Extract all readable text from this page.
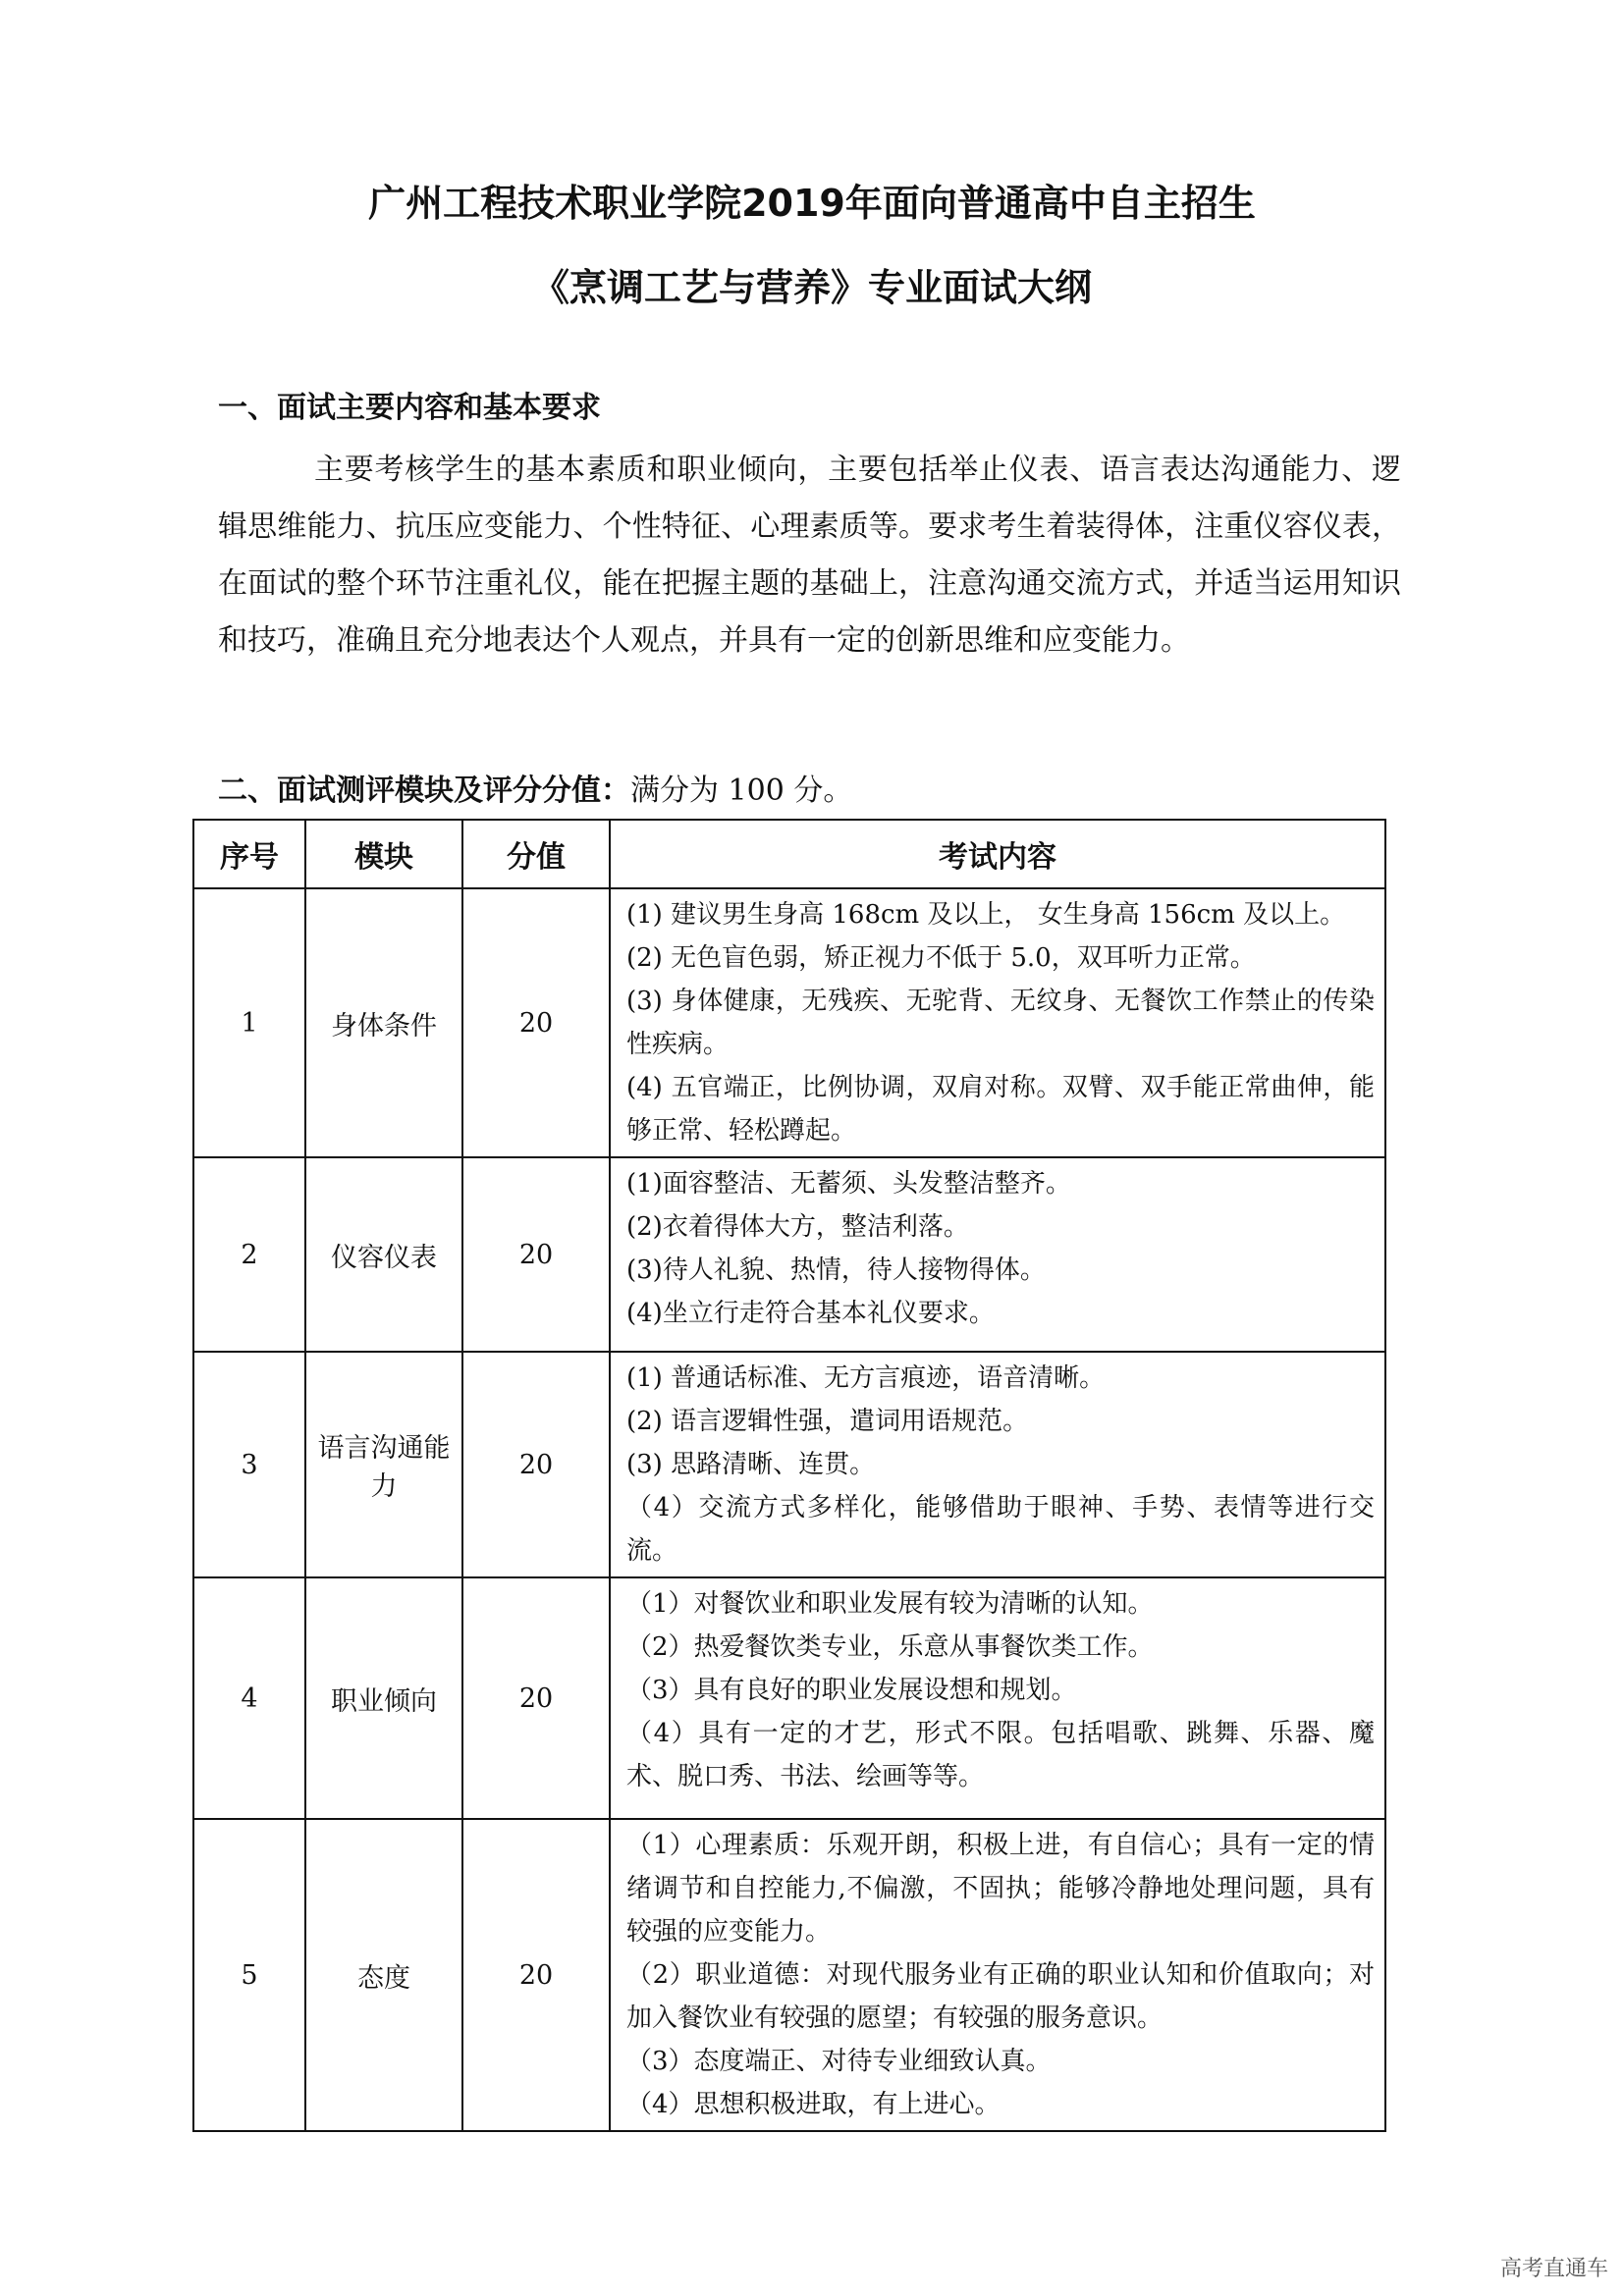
广州工程技术职业学院2019年面向普通高中自主招生
《烹调工艺与营养》专业面试大纲
一、面试主要内容和基本要求
主要考核学生的基本素质和职业倾向，主要包括举止仪表、语言表达沟通能力、逻辑思维能力、抗压应变能力、个性特征、心理素质等。要求考生着装得体，注重仪容仪表，在面试的整个环节注重礼仪，能在把握主题的基础上，注意沟通交流方式，并适当运用知识和技巧，准确且充分地表达个人观点，并具有一定的创新思维和应变能力。
二、面试测评模块及评分分值：满分为 100 分。
序号	模块	分值	考试内容
1	身体条件	20	(1) 建议男生身高 168cm 及以上， 女生身高 156cm 及以上。
(2) 无色盲色弱，矫正视力不低于 5.0，双耳听力正常。
(3) 身体健康，无残疾、无驼背、无纹身、无餐饮工作禁止的传染性疾病。
(4) 五官端正，比例协调，双肩对称。双臂、双手能正常曲伸，能够正常、轻松蹲起。

2	仪容仪表	20	(1)面容整洁、无蓄须、头发整洁整齐。
(2)衣着得体大方，整洁利落。
(3)待人礼貌、热情，待人接物得体。
(4)坐立行走符合基本礼仪要求。

3	语言沟通能力	20	(1) 普通话标准、无方言痕迹，语音清晰。
(2) 语言逻辑性强，遣词用语规范。
(3) 思路清晰、连贯。
（4）交流方式多样化，能够借助于眼神、手势、表情等进行交流。

4	职业倾向	20	（1）对餐饮业和职业发展有较为清晰的认知。
（2）热爱餐饮类专业，乐意从事餐饮类工作。
（3）具有良好的职业发展设想和规划。
（4）具有一定的才艺，形式不限。包括唱歌、跳舞、乐器、魔术、脱口秀、书法、绘画等等。

5	态度	20	（1）心理素质：乐观开朗，积极上进，有自信心；具有一定的情绪调节和自控能力,不偏激，不固执；能够冷静地处理问题，具有较强的应变能力。
（2）职业道德：对现代服务业有正确的职业认知和价值取向；对加入餐饮业有较强的愿望；有较强的服务意识。
（3）态度端正、对待专业细致认真。
（4）思想积极进取，有上进心。
高考直通车
